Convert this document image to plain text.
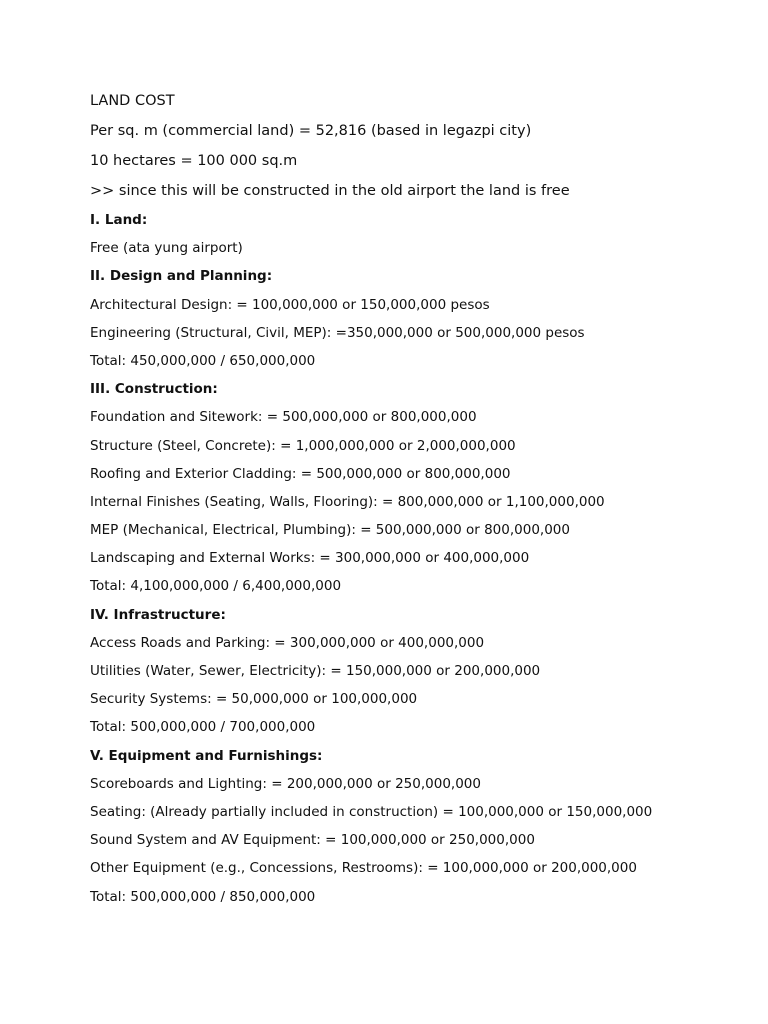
LAND COST
Per sq. m (commercial land) = 52,816 (based in legazpi city)
10 hectares = 100 000 sq.m
>> since this will be constructed in the old airport the land is free
I. Land:
Free (ata yung airport)
II. Design and Planning:
Architectural Design: = 100,000,000 or 150,000,000 pesos
Engineering (Structural, Civil, MEP): =350,000,000 or 500,000,000 pesos
Total: 450,000,000 / 650,000,000
III. Construction:
Foundation and Sitework: = 500,000,000 or 800,000,000
Structure (Steel, Concrete): = 1,000,000,000 or 2,000,000,000
Roofing and Exterior Cladding: = 500,000,000 or 800,000,000
Internal Finishes (Seating, Walls, Flooring): = 800,000,000 or 1,100,000,000
MEP (Mechanical, Electrical, Plumbing): = 500,000,000 or 800,000,000
Landscaping and External Works: = 300,000,000 or 400,000,000
Total: 4,100,000,000 / 6,400,000,000
IV. Infrastructure:
Access Roads and Parking: = 300,000,000 or 400,000,000
Utilities (Water, Sewer, Electricity): = 150,000,000 or 200,000,000
Security Systems: = 50,000,000 or 100,000,000
Total: 500,000,000 / 700,000,000
V. Equipment and Furnishings:
Scoreboards and Lighting: = 200,000,000 or 250,000,000
Seating: (Already partially included in construction) = 100,000,000 or 150,000,000
Sound System and AV Equipment: = 100,000,000 or 250,000,000
Other Equipment (e.g., Concessions, Restrooms): = 100,000,000 or 200,000,000
Total: 500,000,000 / 850,000,000
